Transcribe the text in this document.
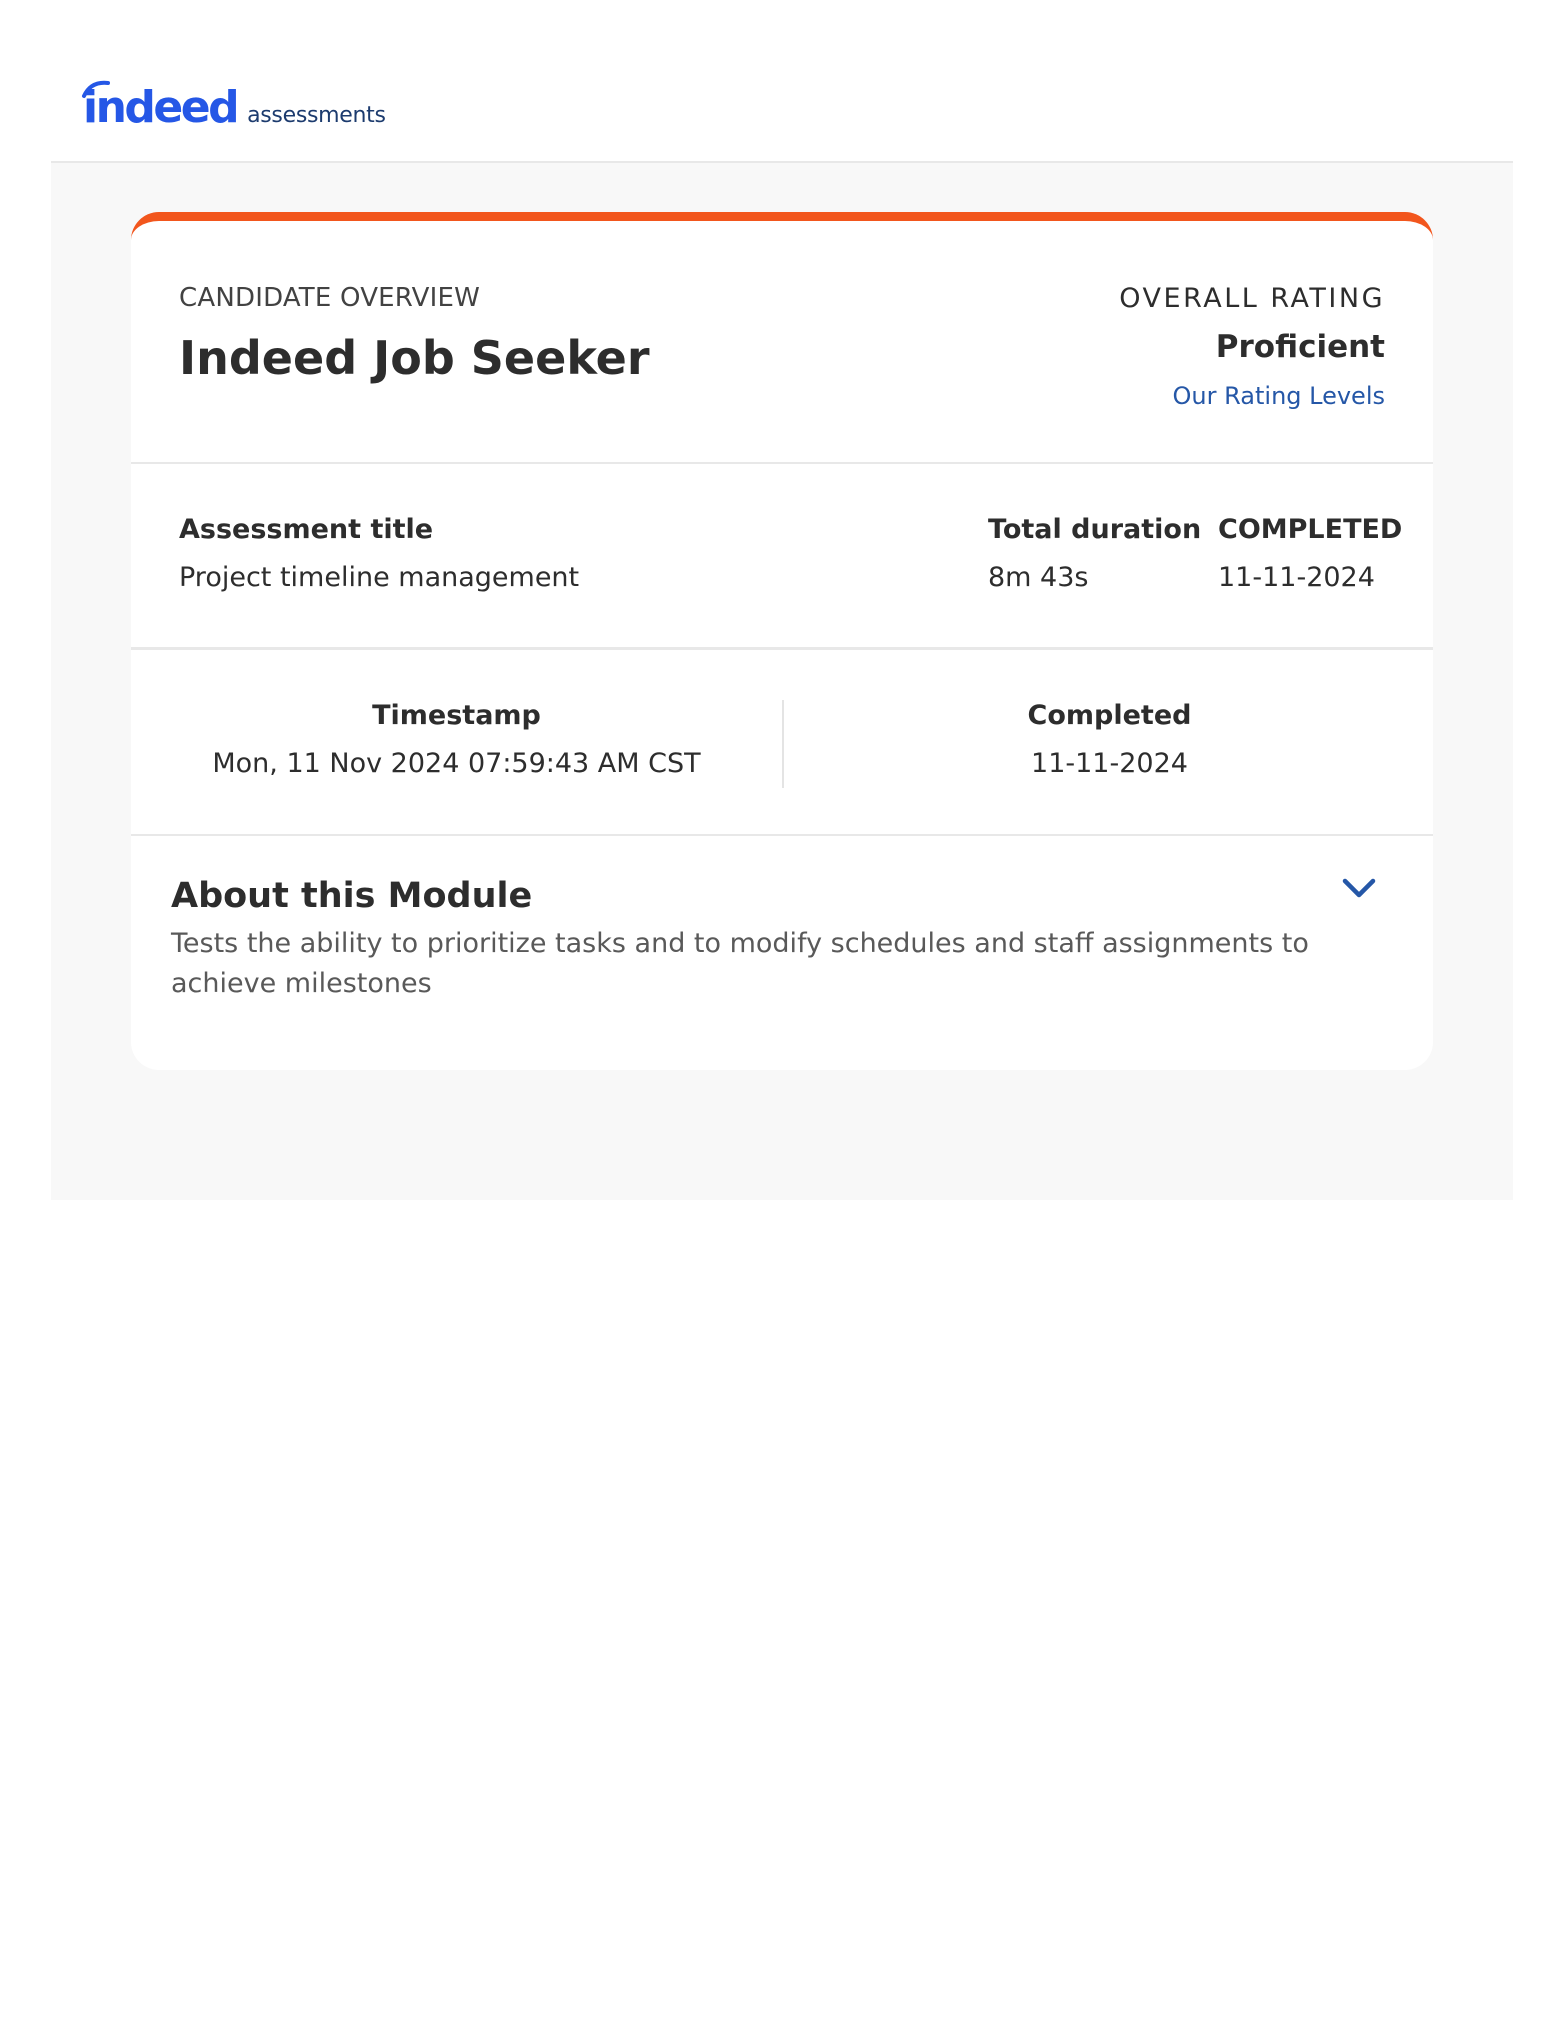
indeed assessments
CANDIDATE OVERVIEW
Indeed Job Seeker
OVERALL RATING
Proficient
Our Rating Levels
Assessment title
Project timeline management
Total duration
8m 43s
COMPLETED
11-11-2024
Timestamp
Mon, 11 Nov 2024 07:59:43 AM CST
Completed
11-11-2024
About this Module
Tests the ability to prioritize tasks and to modify schedules and staff assignments to achieve milestones
